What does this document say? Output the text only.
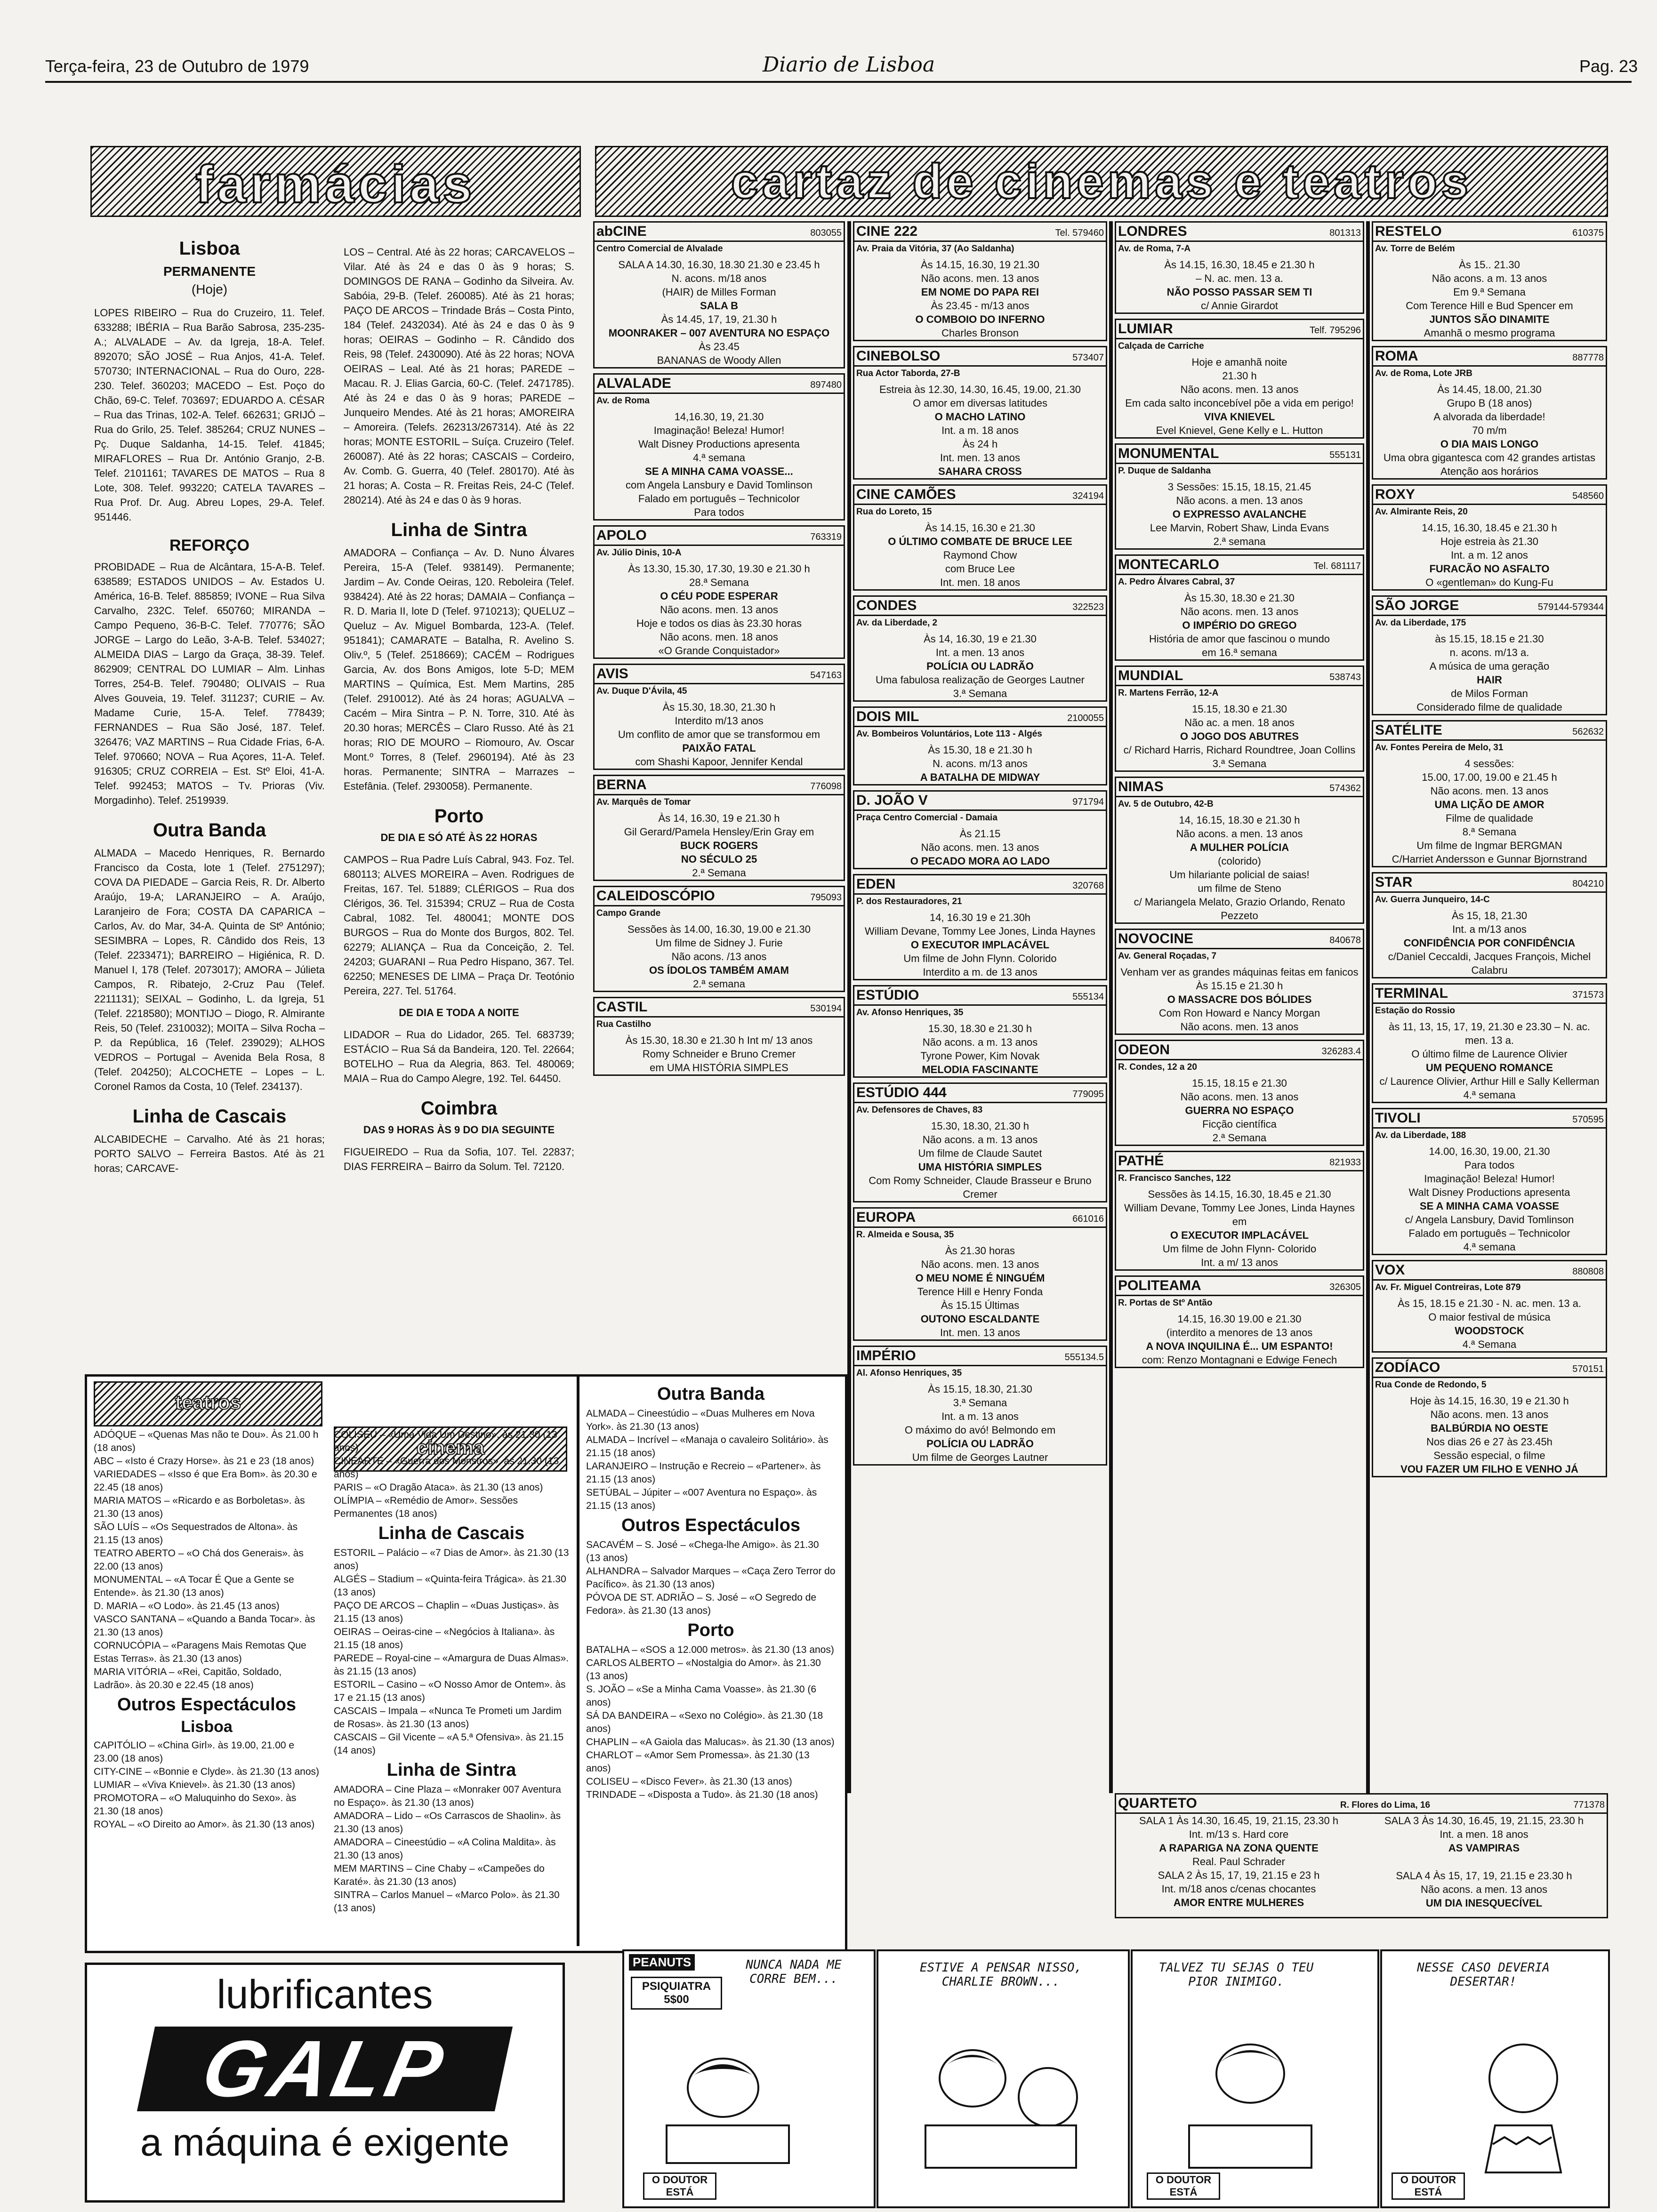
Terça-feira, 23 de Outubro de 1979	Diario de Lisboa	Pag. 23
farmácias	cartaz de cinemas e teatros
Lisboa
PERMANENTE
(Hoje)
LOPES RIBEIRO – Rua do Cruzeiro, 11. Telef. 633288; IBÉRIA – Rua Barão Sabrosa, 235-235-A.; ALVALADE – Av. da Igreja, 18-A. Telef. 892070; SÃO JOSÉ – Rua Anjos, 41-A. Telef. 570730; INTERNACIONAL – Rua do Ouro, 228-230. Telef. 360203; MACEDO – Est. Poço do Chão, 69-C. Telef. 703697; EDUARDO A. CÉSAR – Rua das Trinas, 102-A. Telef. 662631; GRIJÓ – Rua do Grilo, 25. Telef. 385264; CRUZ NUNES – Pç. Duque Saldanha, 14-15. Telef. 41845; MIRAFLORES – Rua Dr. António Granjo, 2-B. Telef. 2101161; TAVARES DE MATOS – Rua 8 Lote, 308. Telef. 993220; CATELA TAVARES – Rua Prof. Dr. Aug. Abreu Lopes, 29-A. Telef. 951446.
REFORÇO
PROBIDADE – Rua de Alcântara, 15-A-B. Telef. 638589; ESTADOS UNIDOS – Av. Estados U. América, 16-B. Telef. 885859; IVONE – Rua Silva Carvalho, 232C. Telef. 650760; MIRANDA – Campo Pequeno, 36-B-C. Telef. 770776; SÃO JORGE – Largo do Leão, 3-A-B. Telef. 534027; ALMEIDA DIAS – Largo da Graça, 38-39. Telef. 862909; CENTRAL DO LUMIAR – Alm. Linhas Torres, 254-B. Telef. 790480; OLIVAIS – Rua Alves Gouveia, 19. Telef. 311237; CURIE – Av. Madame Curie, 15-A. Telef. 778439; FERNANDES – Rua São José, 187. Telef. 326476; VAZ MARTINS – Rua Cidade Frias, 6-A. Telef. 970660; NOVA – Rua Açores, 11-A. Telef. 916305; CRUZ CORREIA – Est. Stº Eloi, 41-A. Telef. 992453; MATOS – Tv. Prioras (Viv. Morgadinho). Telef. 2519939.
Outra Banda
ALMADA – Macedo Henriques, R. Bernardo Francisco da Costa, lote 1 (Telef. 2751297); COVA DA PIEDADE – Garcia Reis, R. Dr. Alberto Araújo, 19-A; LARANJEIRO – A. Araújo, Laranjeiro de Fora; COSTA DA CAPARICA – Carlos, Av. do Mar, 34-A. Quinta de Stº António; SESIMBRA – Lopes, R. Cândido dos Reis, 13 (Telef. 2233471); BARREIRO – Higiénica, R. D. Manuel I, 178 (Telef. 2073017); AMORA – Júlieta Campos, R. Ribatejo, 2-Cruz Pau (Telef. 2211131); SEIXAL – Godinho, L. da Igreja, 51 (Telef. 2218580); MONTIJO – Diogo, R. Almirante Reis, 50 (Telef. 2310032); MOITA – Silva Rocha – P. da República, 16 (Telef. 239029); ALHOS VEDROS – Portugal – Avenida Bela Rosa, 8 (Telef. 204250); ALCOCHETE – Lopes – L. Coronel Ramos da Costa, 10 (Telef. 234137).
Linha de Cascais
ALCABIDECHE – Carvalho. Até às 21 horas; PORTO SALVO – Ferreira Bastos. Até às 21 horas; CARCAVE-
LOS – Central. Até às 22 horas; CARCAVELOS – Vilar. Até às 24 e das 0 às 9 horas; S. DOMINGOS DE RANA – Godinho da Silveira. Av. Sabóia, 29-B. (Telef. 260085). Até às 21 horas; PAÇO DE ARCOS – Trindade Brás – Costa Pinto, 184 (Telef. 2432034). Até às 24 e das 0 às 9 horas; OEIRAS – Godinho – R. Cândido dos Reis, 98 (Telef. 2430090). Até às 22 horas; NOVA OEIRAS – Leal. Até às 21 horas; PAREDE – Macau. R. J. Elias Garcia, 60-C. (Telef. 2471785). Até às 24 e das 0 às 9 horas; PAREDE – Junqueiro Mendes. Até às 21 horas; AMOREIRA – Amoreira. (Telefs. 262313/267314). Até às 22 horas; MONTE ESTORIL – Suíça. Cruzeiro (Telef. 260087). Até às 22 horas; CASCAIS – Cordeiro, Av. Comb. G. Guerra, 40 (Telef. 280170). Até às 21 horas; A. Costa – R. Freitas Reis, 24-C (Telef. 280214). Até às 24 e das 0 às 9 horas.
Linha de Sintra
AMADORA – Confiança – Av. D. Nuno Álvares Pereira, 15-A (Telef. 938149). Permanente; Jardim – Av. Conde Oeiras, 120. Reboleira (Telef. 938424). Até às 22 horas; DAMAIA – Confiança – R. D. Maria II, lote D (Telef. 9710213); QUELUZ – Queluz – Av. Miguel Bombarda, 123-A. (Telef. 951841); CAMARATE – Batalha, R. Avelino S. Oliv.º, 5 (Telef. 2518669); CACÉM – Rodrigues Garcia, Av. dos Bons Amigos, lote 5-D; MEM MARTINS – Química, Est. Mem Martins, 285 (Telef. 2910012). Até às 24 horas; AGUALVA – Cacém – Mira Sintra – P. N. Torre, 310. Até às 20.30 horas; MERCÊS – Claro Russo. Até às 21 horas; RIO DE MOURO – Riomouro, Av. Oscar Mont.º Torres, 8 (Telef. 2960194). Até às 23 horas. Permanente; SINTRA – Marrazes – Estefânia. (Telef. 2930058). Permanente.
Porto
DE DIA E SÓ ATÉ ÀS 22 HORAS
CAMPOS – Rua Padre Luís Cabral, 943. Foz. Tel. 680113; ALVES MOREIRA – Aven. Rodrigues de Freitas, 167. Tel. 51889; CLÉRIGOS – Rua dos Clérigos, 36. Tel. 315394; CRUZ – Rua de Costa Cabral, 1082. Tel. 480041; MONTE DOS BURGOS – Rua do Monte dos Burgos, 802. Tel. 62279; ALIANÇA – Rua da Conceição, 2. Tel. 24203; GUARANI – Rua Pedro Hispano, 367. Tel. 62250; MENESES DE LIMA – Praça Dr. Teotónio Pereira, 227. Tel. 51764.
DE DIA E TODA A NOITE
LIDADOR – Rua do Lidador, 265. Tel. 683739; ESTÁCIO – Rua Sá da Bandeira, 120. Tel. 22664; BOTELHO – Rua da Alegria, 863. Tel. 480069; MAIA – Rua do Campo Alegre, 192. Tel. 64450.
Coimbra
DAS 9 HORAS ÀS 9 DO DIA SEGUINTE
FIGUEIREDO – Rua da Sofia, 107. Tel. 22837; DIAS FERREIRA – Bairro da Solum. Tel. 72120.
abCINE	803055
Centro Comercial de Alvalade
SALA A 14.30, 16.30, 18.30 21.30 e 23.45 h
N. acons. m/18 anos
(HAIR) de Milles Forman
SALA B
Às 14.45, 17, 19, 21.30 h
MOONRAKER – 007 AVENTURA NO ESPAÇO
Às 23.45
BANANAS de Woody Allen
ALVALADE	897480
Av. de Roma
14,16.30, 19, 21.30
Imaginação! Beleza! Humor!
Walt Disney Productions apresenta
4.ª semana
SE A MINHA CAMA VOASSE...
com Angela Lansbury e David Tomlinson
Falado em português – Technicolor
Para todos
APOLO	763319
Av. Júlio Dinis, 10-A
Às 13.30, 15.30, 17.30, 19.30 e 21.30 h
28.ª Semana
O CÉU PODE ESPERAR
Não acons. men. 13 anos
Hoje e todos os dias às 23.30 horas
Não acons. men. 18 anos
«O Grande Conquistador»
AVIS	547163
Av. Duque D'Ávila, 45
Às 15.30, 18.30, 21.30 h
Interdito m/13 anos
Um conflito de amor que se transformou em
PAIXÃO FATAL
com Shashi Kapoor, Jennifer Kendal
BERNA	776098
Av. Marquês de Tomar
Às 14, 16.30, 19 e 21.30 h
Gil Gerard/Pamela Hensley/Erin Gray em
BUCK ROGERS
NO SÉCULO 25
2.ª Semana
CALEIDOSCÓPIO	795093
Campo Grande
Sessões às 14.00, 16.30, 19.00 e 21.30
Um filme de Sidney J. Furie
Não acons. /13 anos
OS ÍDOLOS TAMBÉM AMAM
2.ª semana
CASTIL	530194
Rua Castilho
Às 15.30, 18.30 e 21.30 h Int m/ 13 anos
Romy Schneider e Bruno Cremer
em UMA HISTÓRIA SIMPLES
CINE 222	Tel. 579460
Av. Praia da Vitória, 37 (Ao Saldanha)
Às 14.15, 16.30, 19 21.30
Não acons. men. 13 anos
EM NOME DO PAPA REI
Às 23.45 - m/13 anos
O COMBOIO DO INFERNO
Charles Bronson
CINEBOLSO	573407
Rua Actor Taborda, 27-B
Estreia às 12.30, 14.30, 16.45, 19.00, 21.30
O amor em diversas latitudes
O MACHO LATINO
Int. a m. 18 anos
Às 24 h
Int. men. 13 anos
SAHARA CROSS
CINE CAMÕES	324194
Rua do Loreto, 15
Às 14.15, 16.30 e 21.30
O ÚLTIMO COMBATE DE BRUCE LEE
Raymond Chow
com Bruce Lee
Int. men. 18 anos
CONDES	322523
Av. da Liberdade, 2
Às 14, 16.30, 19 e 21.30
Int. a men. 13 anos
POLÍCIA OU LADRÃO
Uma fabulosa realização de Georges Lautner
3.ª Semana
DOIS MIL	2100055
Av. Bombeiros Voluntários, Lote 113 - Algés
Às 15.30, 18 e 21.30 h
N. acons. m/13 anos
A BATALHA DE MIDWAY
D. JOÃO V	971794
Praça Centro Comercial - Damaia
Às 21.15
Não acons. men. 13 anos
O PECADO MORA AO LADO
EDEN	320768
P. dos Restauradores, 21
14, 16.30 19 e 21.30h
William Devane, Tommy Lee Jones, Linda Haynes
O EXECUTOR IMPLACÁVEL
Um filme de John Flynn. Colorido
Interdito a m. de 13 anos
ESTÚDIO	555134
Av. Afonso Henriques, 35
15.30, 18.30 e 21.30 h
Não acons. a m. 13 anos
Tyrone Power, Kim Novak
MELODIA FASCINANTE
ESTÚDIO 444	779095
Av. Defensores de Chaves, 83
15.30, 18.30, 21.30 h
Não acons. a m. 13 anos
Um filme de Claude Sautet
UMA HISTÓRIA SIMPLES
Com Romy Schneider, Claude Brasseur e Bruno Cremer
EUROPA	661016
R. Almeida e Sousa, 35
Às 21.30 horas
Não acons. men. 13 anos
O MEU NOME É NINGUÉM
Terence Hill e Henry Fonda
Às 15.15 Últimas
OUTONO ESCALDANTE
Int. men. 13 anos
IMPÉRIO	555134.5
Al. Afonso Henriques, 35
Às 15.15, 18.30, 21.30
3.ª Semana
Int. a m. 13 anos
O máximo do avó! Belmondo em
POLÍCIA OU LADRÃO
Um filme de Georges Lautner
LONDRES	801313
Av. de Roma, 7-A
Às 14.15, 16.30, 18.45 e 21.30 h
– N. ac. men. 13 a.
NÃO POSSO PASSAR SEM TI
c/ Annie Girardot
LUMIAR	Telf. 795296
Calçada de Carriche
Hoje e amanhã noite
21.30 h
Não acons. men. 13 anos
Em cada salto inconcebível põe a vida em perigo!
VIVA KNIEVEL
Evel Knievel, Gene Kelly e L. Hutton
MONUMENTAL	555131
P. Duque de Saldanha
3 Sessões: 15.15, 18.15, 21.45
Não acons. a men. 13 anos
O EXPRESSO AVALANCHE
Lee Marvin, Robert Shaw, Linda Evans
2.ª semana
MONTECARLO	Tel. 681117
A. Pedro Álvares Cabral, 37
Às 15.30, 18.30 e 21.30
Não acons. men. 13 anos
O IMPÉRIO DO GREGO
História de amor que fascinou o mundo
em 16.ª semana
MUNDIAL	538743
R. Martens Ferrão, 12-A
15.15, 18.30 e 21.30
Não ac. a men. 18 anos
O JOGO DOS ABUTRES
c/ Richard Harris, Richard Roundtree, Joan Collins
3.ª Semana
NIMAS	574362
Av. 5 de Outubro, 42-B
14, 16.15, 18.30 e 21.30 h
Não acons. a men. 13 anos
A MULHER POLÍCIA
(colorido)
Um hilariante policial de saias!
um filme de Steno
c/ Mariangela Melato, Grazio Orlando, Renato Pezzeto
NOVOCINE	840678
Av. General Roçadas, 7
Venham ver as grandes máquinas feitas em fanicos
Às 15.15 e 21.30 h
O MASSACRE DOS BÓLIDES
Com Ron Howard e Nancy Morgan
Não acons. men. 13 anos
ODEON	326283.4
R. Condes, 12 a 20
15.15, 18.15 e 21.30
Não acons. men. 13 anos
GUERRA NO ESPAÇO
Ficção científica
2.ª Semana
PATHÉ	821933
R. Francisco Sanches, 122
Sessões às 14.15, 16.30, 18.45 e 21.30
William Devane, Tommy Lee Jones, Linda Haynes em
O EXECUTOR IMPLACÁVEL
Um filme de John Flynn- Colorido
Int. a m/ 13 anos
POLITEAMA	326305
R. Portas de Stº Antão
14.15, 16.30 19.00 e 21.30
(interdito a menores de 13 anos
A NOVA INQUILINA É... UM ESPANTO!
com: Renzo Montagnani e Edwige Fenech
RESTELO	610375
Av. Torre de Belém
Às 15.. 21.30
Não acons. a m. 13 anos
Em 9.ª Semana
Com Terence Hill e Bud Spencer em
JUNTOS SÃO DINAMITE
Amanhã o mesmo programa
ROMA	887778
Av. de Roma, Lote JRB
Às 14.45, 18.00, 21.30
Grupo B (18 anos)
A alvorada da liberdade!
70 m/m
O DIA MAIS LONGO
Uma obra gigantesca com 42 grandes artistas
Atenção aos horários
ROXY	548560
Av. Almirante Reis, 20
14.15, 16.30, 18.45 e 21.30 h
Hoje estreia às 21.30
Int. a m. 12 anos
FURACÃO NO ASFALTO
O «gentleman» do Kung-Fu
SÃO JORGE	579144-579344
Av. da Liberdade, 175
às 15.15, 18.15 e 21.30
n. acons. m/13 a.
A música de uma geração
HAIR
de Milos Forman
Considerado filme de qualidade
SATÉLITE	562632
Av. Fontes Pereira de Melo, 31
4 sessões:
15.00, 17.00, 19.00 e 21.45 h
Não acons. men. 13 anos
UMA LIÇÃO DE AMOR
Filme de qualidade
8.ª Semana
Um filme de Ingmar BERGMAN
C/Harriet Andersson e Gunnar Bjornstrand
STAR	804210
Av. Guerra Junqueiro, 14-C
Às 15, 18, 21.30
Int. a m/13 anos
CONFIDÊNCIA POR CONFIDÊNCIA
c/Daniel Ceccaldi, Jacques François, Michel Calabru
TERMINAL	371573
Estação do Rossio
às 11, 13, 15, 17, 19, 21.30 e 23.30 – N. ac. men. 13 a.
O último filme de Laurence Olivier
UM PEQUENO ROMANCE
c/ Laurence Olivier, Arthur Hill e Sally Kellerman
4.ª semana
TIVOLI	570595
Av. da Liberdade, 188
14.00, 16.30, 19.00, 21.30
Para todos
Imaginação! Beleza! Humor!
Walt Disney Productions apresenta
SE A MINHA CAMA VOASSE
c/ Angela Lansbury, David Tomlinson
Falado em português – Technicolor
4.ª semana
VOX	880808
Av. Fr. Miguel Contreiras, Lote 879
Às 15, 18.15 e 21.30 - N. ac. men. 13 a.
O maior festival de música
WOODSTOCK
4.ª Semana
ZODÍACO	570151
Rua Conde de Redondo, 5
Hoje às 14.15, 16.30, 19 e 21.30 h
Não acons. men. 13 anos
BALBÚRDIA NO OESTE
Nos dias 26 e 27 às 23.45h
Sessão especial, o filme
VOU FAZER UM FILHO E VENHO JÁ
QUARTETO	R. Flores do Lima, 16	771378
SALA 1 Às 14.30, 16.45, 19, 21.15, 23.30 h
Int. m/13 s. Hard core
A RAPARIGA NA ZONA QUENTE
Real. Paul Schrader
SALA 2 Às 15, 17, 19, 21.15 e 23 h
Int. m/18 anos c/cenas chocantes
AMOR ENTRE MULHERES
SALA 3 Às 14.30, 16.45, 19, 21.15, 23.30 h
Int. a men. 18 anos
AS VAMPIRAS
SALA 4 Às 15, 17, 19, 21.15 e 23.30 h
Não acons. a men. 13 anos
UM DIA INESQUECÍVEL
teatros
cinema
ADÓQUE – «Quenas Mas não te Dou». Às 21.00 h (18 anos)
ABC – «Isto é Crazy Horse». às 21 e 23 (18 anos)
VARIEDADES – «Isso é que Era Bom». às 20.30 e 22.45 (18 anos)
MARIA MATOS – «Ricardo e as Borboletas». às 21.30 (13 anos)
SÃO LUÍS – «Os Sequestrados de Altona». às 21.15 (13 anos)
TEATRO ABERTO – «O Chá dos Generais». às 22.00 (13 anos)
MONUMENTAL – «A Tocar É Que a Gente se Entende». às 21.30 (13 anos)
D. MARIA – «O Lodo». às 21.45 (13 anos)
VASCO SANTANA – «Quando a Banda Tocar». às 21.30 (13 anos)
CORNUCÓPIA – «Paragens Mais Remotas Que Estas Terras». às 21.30 (13 anos)
MARIA VITÓRIA – «Rei, Capitão, Soldado, Ladrão». às 20.30 e 22.45 (18 anos)
Outros Espectáculos
Lisboa
CAPITÓLIO – «China Girl». às 19.00, 21.00 e 23.00 (18 anos)
CITY-CINE – «Bonnie e Clyde». às 21.30 (13 anos)
LUMIAR – «Viva Knievel». às 21.30 (13 anos)
PROMOTORA – «O Maluquinho do Sexo». às 21.30 (18 anos)
ROYAL – «O Direito ao Amor». às 21.30 (13 anos)
COLISEU – «Uma Vida Um Destino». às 21.30 (13 anos)
CINEARTE – «Guerra dos Monstros». às 21.30 (13 anos)
PARIS – «O Dragão Ataca». às 21.30 (13 anos)
OLÍMPIA – «Remédio de Amor». Sessões Permanentes (18 anos)
Linha de Cascais
ESTORIL – Palácio – «7 Dias de Amor». às 21.30 (13 anos)
ALGÉS – Stadium – «Quinta-feira Trágica». às 21.30 (13 anos)
PAÇO DE ARCOS – Chaplin – «Duas Justiças». às 21.15 (13 anos)
OEIRAS – Oeiras-cine – «Negócios à Italiana». às 21.15 (18 anos)
PAREDE – Royal-cine – «Amargura de Duas Almas». às 21.15 (13 anos)
ESTORIL – Casino – «O Nosso Amor de Ontem». às 17 e 21.15 (13 anos)
CASCAIS – Impala – «Nunca Te Prometi um Jardim de Rosas». às 21.30 (13 anos)
CASCAIS – Gil Vicente – «A 5.ª Ofensiva». às 21.15 (14 anos)
Linha de Sintra
AMADORA – Cine Plaza – «Monraker 007 Aventura no Espaço». às 21.30 (13 anos)
AMADORA – Lido – «Os Carrascos de Shaolin». às 21.30 (13 anos)
AMADORA – Cineestúdio – «A Colina Maldita». às 21.30 (13 anos)
MEM MARTINS – Cine Chaby – «Campeões do Karaté». às 21.30 (13 anos)
SINTRA – Carlos Manuel – «Marco Polo». às 21.30 (13 anos)
Outra Banda
ALMADA – Cineestúdio – «Duas Mulheres em Nova York». às 21.30 (13 anos)
ALMADA – Incrível – «Manaja o cavaleiro Solitário». às 21.15 (18 anos)
LARANJEIRO – Instrução e Recreio – «Partener». às 21.15 (13 anos)
SETÚBAL – Júpiter – «007 Aventura no Espaço». às 21.15 (13 anos)
Outros Espectáculos
SACAVÉM – S. José – «Chega-lhe Amigo». às 21.30 (13 anos)
ALHANDRA – Salvador Marques – «Caça Zero Terror do Pacífico». às 21.30 (13 anos)
PÓVOA DE ST. ADRIÃO – S. José – «O Segredo de Fedora». às 21.30 (13 anos)
Porto
BATALHA – «SOS a 12.000 metros». às 21.30 (13 anos)
CARLOS ALBERTO – «Nostalgia do Amor». às 21.30 (13 anos)
S. JOÃO – «Se a Minha Cama Voasse». às 21.30 (6 anos)
SÁ DA BANDEIRA – «Sexo no Colégio». às 21.30 (18 anos)
CHAPLIN – «A Gaiola das Malucas». às 21.30 (13 anos)
CHARLOT – «Amor Sem Promessa». às 21.30 (13 anos)
COLISEU – «Disco Fever». às 21.30 (13 anos)
TRINDADE – «Disposta a Tudo». às 21.30 (18 anos)
lubrificantes
GALP
a máquina é exigente
PEANUTS
PSIQUIATRA 5$00
NUNCA NADA ME CORRE BEM...
O DOUTOR ESTÁ
ESTIVE A PENSAR NISSO, CHARLIE BROWN...
TALVEZ TU SEJAS O TEU PIOR INIMIGO.
O DOUTOR ESTÁ
NESSE CASO DEVERIA DESERTAR!
O DOUTOR ESTÁ
